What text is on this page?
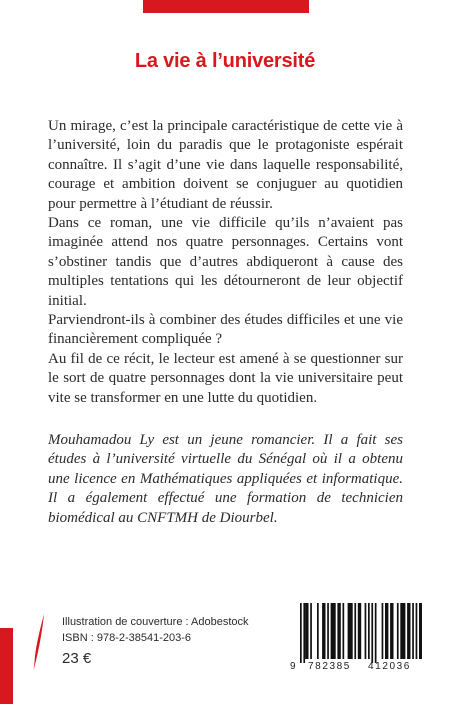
La vie à l’université

Un mirage, c’est la principale caractéristique de cette vie à l’université, loin du paradis que le protagoniste espérait connaître. Il s’agit d’une vie dans laquelle responsabilité, courage et ambition doivent se conjuguer au quotidien pour permettre à l’étudiant de réussir.

Dans ce roman, une vie difficile qu’ils n’avaient pas imaginée attend nos quatre personnages. Certains vont s’obstiner tandis que d’autres abdiqueront à cause des multiples tentations qui les détourneront de leur objectif initial.

Parviendront-ils à combiner des études difficiles et une vie financièrement compliquée ?

Au fil de ce récit, le lecteur est amené à se questionner sur le sort de quatre personnages dont la vie universitaire peut vite se transformer en une lutte du quotidien.

Mouhamadou Ly est un jeune romancier. Il a fait ses études à l’université virtuelle du Sénégal où il a obtenu une licence en Mathématiques appliquées et informatique. Il a également effectué une formation de technicien biomédical au CNFTMH de Diourbel.
Illustration de couverture : Adobestock
ISBN : 978-2-38541-203-6
23 €	9 782385 412036
